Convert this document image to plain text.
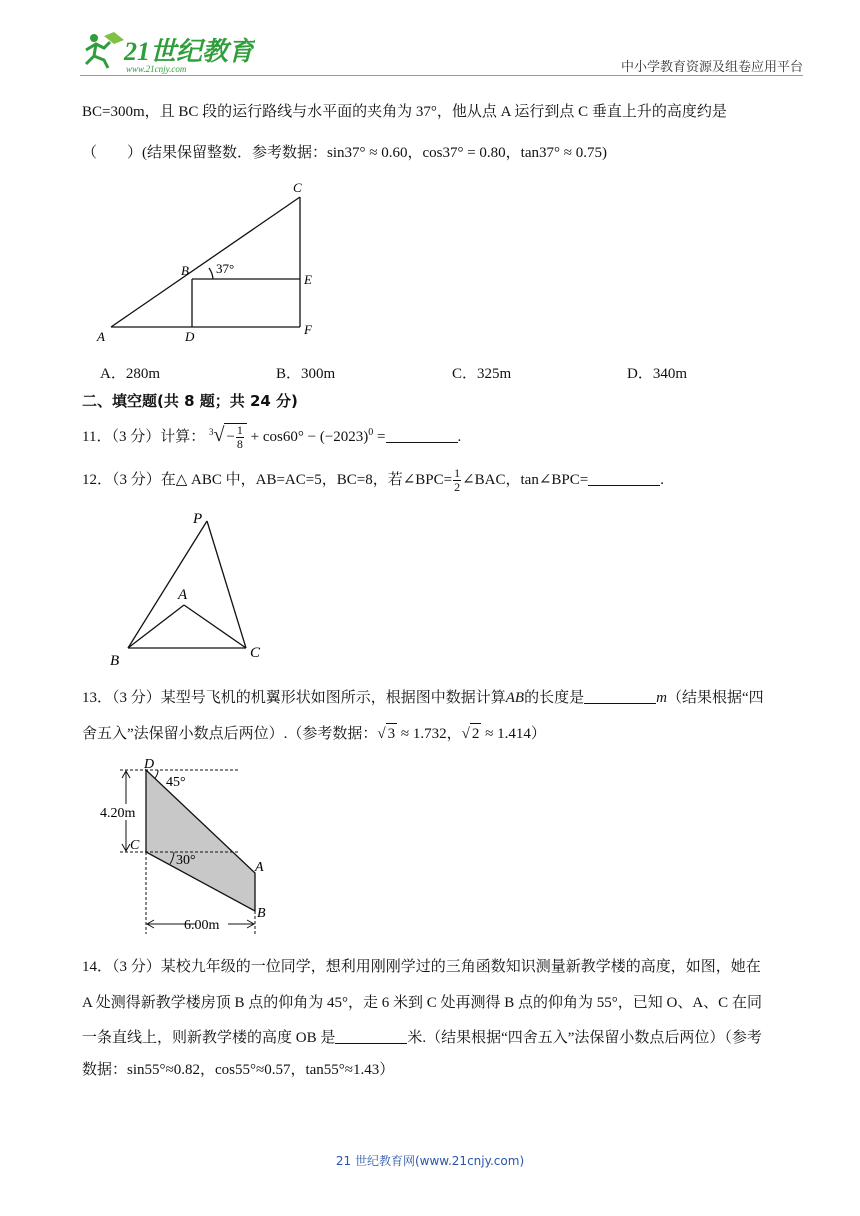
21世纪教育
www.21cnjy.com	中小学教育资源及组卷应用平台
BC=300m，且 BC 段的运行路线与水平面的夹角为 37°，他从点 A 运行到点 C 垂直上升的高度约是
（　　）(结果保留整数．参考数据：sin37° ≈ 0.60，cos37° = 0.80，tan37° ≈ 0.75)
A
B
C
D
E
F
37°
A．280m	B．300m	C．325m	D．340m
二、填空题(共 8 题；共 24 分)
11．（3 分）计算： $^3√ - \frac{1}{8} + \cos 60^\circ - (-2023)^0$ =	.
12．（3 分）在△ ABC 中，AB=AC=5，BC=8，若∠BPC= $\frac{1}{2}$ ∠BAC，tan∠BPC=	.
P
A
B	C
13．（3 分）某型号飞机的机翼形状如图所示，根据图中数据计算AB的长度是	m（结果根据“四
舍五入”法保留小数点后两位）.（参考数据：√ 3 ≈ 1.732，√ 2 ≈ 1.414）
D
C
A
B
45°
30°
4.20m
6.00m
14．（3 分）某校九年级的一位同学，想利用刚刚学过的三角函数知识测量新教学楼的高度，如图，她在
A 处测得新教学楼房顶 B 点的仰角为 45°，走 6 米到 C 处再测得 B 点的仰角为 55°，已知 O、A、C 在同
一条直线上，则新教学楼的高度 OB 是	米.（结果根据“四舍五入”法保留小数点后两位）（参考
数据：sin55°≈0.82，cos55°≈0.57，tan55°≈1.43）
21 世纪教育网(www.21cnjy.com)
